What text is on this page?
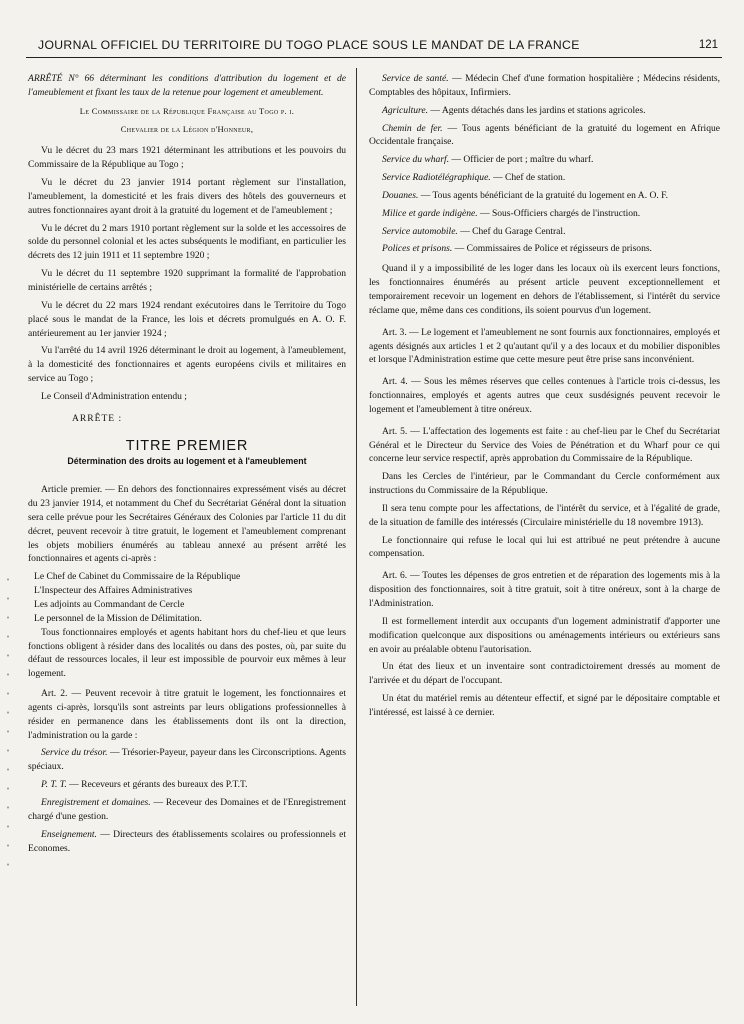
JOURNAL OFFICIEL DU TERRITOIRE DU TOGO PLACE SOUS LE MANDAT DE LA FRANCE	121

ARRÊTÉ N° 66 déterminant les conditions d'attribution du logement et de l'ameublement et fixant les taux de la retenue pour logement et ameublement.

Le Commissaire de la République Française au Togo p. i.

Chevalier de la Légion d'Honneur,

Vu le décret du 23 mars 1921 déterminant les attributions et les pouvoirs du Commissaire de la République au Togo ;

Vu le décret du 23 janvier 1914 portant règlement sur l'installation, l'ameublement, la domesticité et les frais divers des hôtels des gouverneurs et autres fonctionnaires ayant droit à la gratuité du logement et de l'ameublement ;

Vu le décret du 2 mars 1910 portant règlement sur la solde et les accessoires de solde du personnel colonial et les actes subséquents le modifiant, en particulier les décrets des 12 juin 1911 et 11 septembre 1920 ;

Vu le décret du 11 septembre 1920 supprimant la formalité de l'approbation ministérielle de certains arrêtés ;

Vu le décret du 22 mars 1924 rendant exécutoires dans le Territoire du Togo placé sous le mandat de la France, les lois et décrets promulgués en A. O. F. antérieurement au 1er janvier 1924 ;

Vu l'arrêté du 14 avril 1926 déterminant le droit au logement, à l'ameublement, à la domesticité des fonctionnaires et agents européens civils et militaires en service au Togo ;

Le Conseil d'Administration entendu ;

ARRÊTE :

TITRE PREMIER

Détermination des droits au logement et à l'ameublement

Article premier. — En dehors des fonctionnaires expressément visés au décret du 23 janvier 1914, et notamment du Chef du Secrétariat Général dont la situation sera celle prévue pour les Secrétaires Généraux des Colonies par l'article 11 du dit décret, peuvent recevoir à titre gratuit, le logement et l'ameublement comprenant les objets mobiliers énumérés au tableau annexé au présent arrêté les fonctionnaires et agents ci-après :

Le Chef de Cabinet du Commissaire de la République

L'Inspecteur des Affaires Administratives

Les adjoints au Commandant de Cercle

Le personnel de la Mission de Délimitation.

Tous fonctionnaires employés et agents habitant hors du chef-lieu et que leurs fonctions obligent à résider dans des localités ou dans des postes, où, par suite du défaut de ressources locales, il leur est impossible de pourvoir eux mêmes à leur logement.

Art. 2. — Peuvent recevoir à titre gratuit le logement, les fonctionnaires et agents ci-après, lorsqu'ils sont astreints par leurs obligations professionnelles à résider en permanence dans les établissements dont ils ont la direction, l'administration ou la garde :

Service du trésor. — Trésorier-Payeur, payeur dans les Circonscriptions. Agents spéciaux.

P. T. T. — Receveurs et gérants des bureaux des P.T.T.

Enregistrement et domaines. — Receveur des Domaines et de l'Enregistrement chargé d'une gestion.

Enseignement. — Directeurs des établissements scolaires ou professionnels et Economes.

Service de santé. — Médecin Chef d'une formation hospitalière ; Médecins résidents, Comptables des hôpitaux, Infirmiers.

Agriculture. — Agents détachés dans les jardins et stations agricoles.

Chemin de fer. — Tous agents bénéficiant de la gratuité du logement en Afrique Occidentale française.

Service du wharf. — Officier de port ; maître du wharf.

Service Radiotélégraphique. — Chef de station.

Douanes. — Tous agents bénéficiant de la gratuité du logement en A. O. F.

Milice et garde indigène. — Sous-Officiers chargés de l'instruction.

Service automobile. — Chef du Garage Central.

Polices et prisons. — Commissaires de Police et régisseurs de prisons.

Quand il y a impossibilité de les loger dans les locaux où ils exercent leurs fonctions, les fonctionnaires énumérés au présent article peuvent exceptionnellement et temporairement recevoir un logement en dehors de l'établissement, si l'intérêt du service réclame que, même dans ces conditions, ils soient pourvus d'un logement.

Art. 3. — Le logement et l'ameublement ne sont fournis aux fonctionnaires, employés et agents désignés aux articles 1 et 2 qu'autant qu'il y a des locaux et du mobilier disponibles et lorsque l'Administration estime que cette mesure peut être prise sans inconvénient.

Art. 4. — Sous les mêmes réserves que celles contenues à l'article trois ci-dessus, les fonctionnaires, employés et agents autres que ceux susdésignés peuvent recevoir le logement et l'ameublement à titre onéreux.

Art. 5. — L'affectation des logements est faite : au chef-lieu par le Chef du Secrétariat Général et le Directeur du Service des Voies de Pénétration et du Wharf pour ce qui concerne leur service respectif, après approbation du Commissaire de la République.

Dans les Cercles de l'intérieur, par le Commandant du Cercle conformément aux instructions du Commissaire de la République.

Il sera tenu compte pour les affectations, de l'intérêt du service, et à l'égalité de grade, de la situation de famille des intéressés (Circulaire ministérielle du 18 novembre 1913).

Le fonctionnaire qui refuse le local qui lui est attribué ne peut prétendre à aucune compensation.

Art. 6. — Toutes les dépenses de gros entretien et de réparation des logements mis à la disposition des fonctionnaires, soit à titre gratuit, soit à titre onéreux, sont à la charge de l'Administration.

Il est formellement interdit aux occupants d'un logement administratif d'apporter une modification quelconque aux dispositions ou aménagements intérieurs ou extérieurs sans en avoir au préalable obtenu l'autorisation.

Un état des lieux et un inventaire sont contradictoirement dressés au moment de l'arrivée et du départ de l'occupant.

Un état du matériel remis au détenteur effectif, et signé par le dépositaire comptable et l'intéressé, est laissé à ce dernier.
